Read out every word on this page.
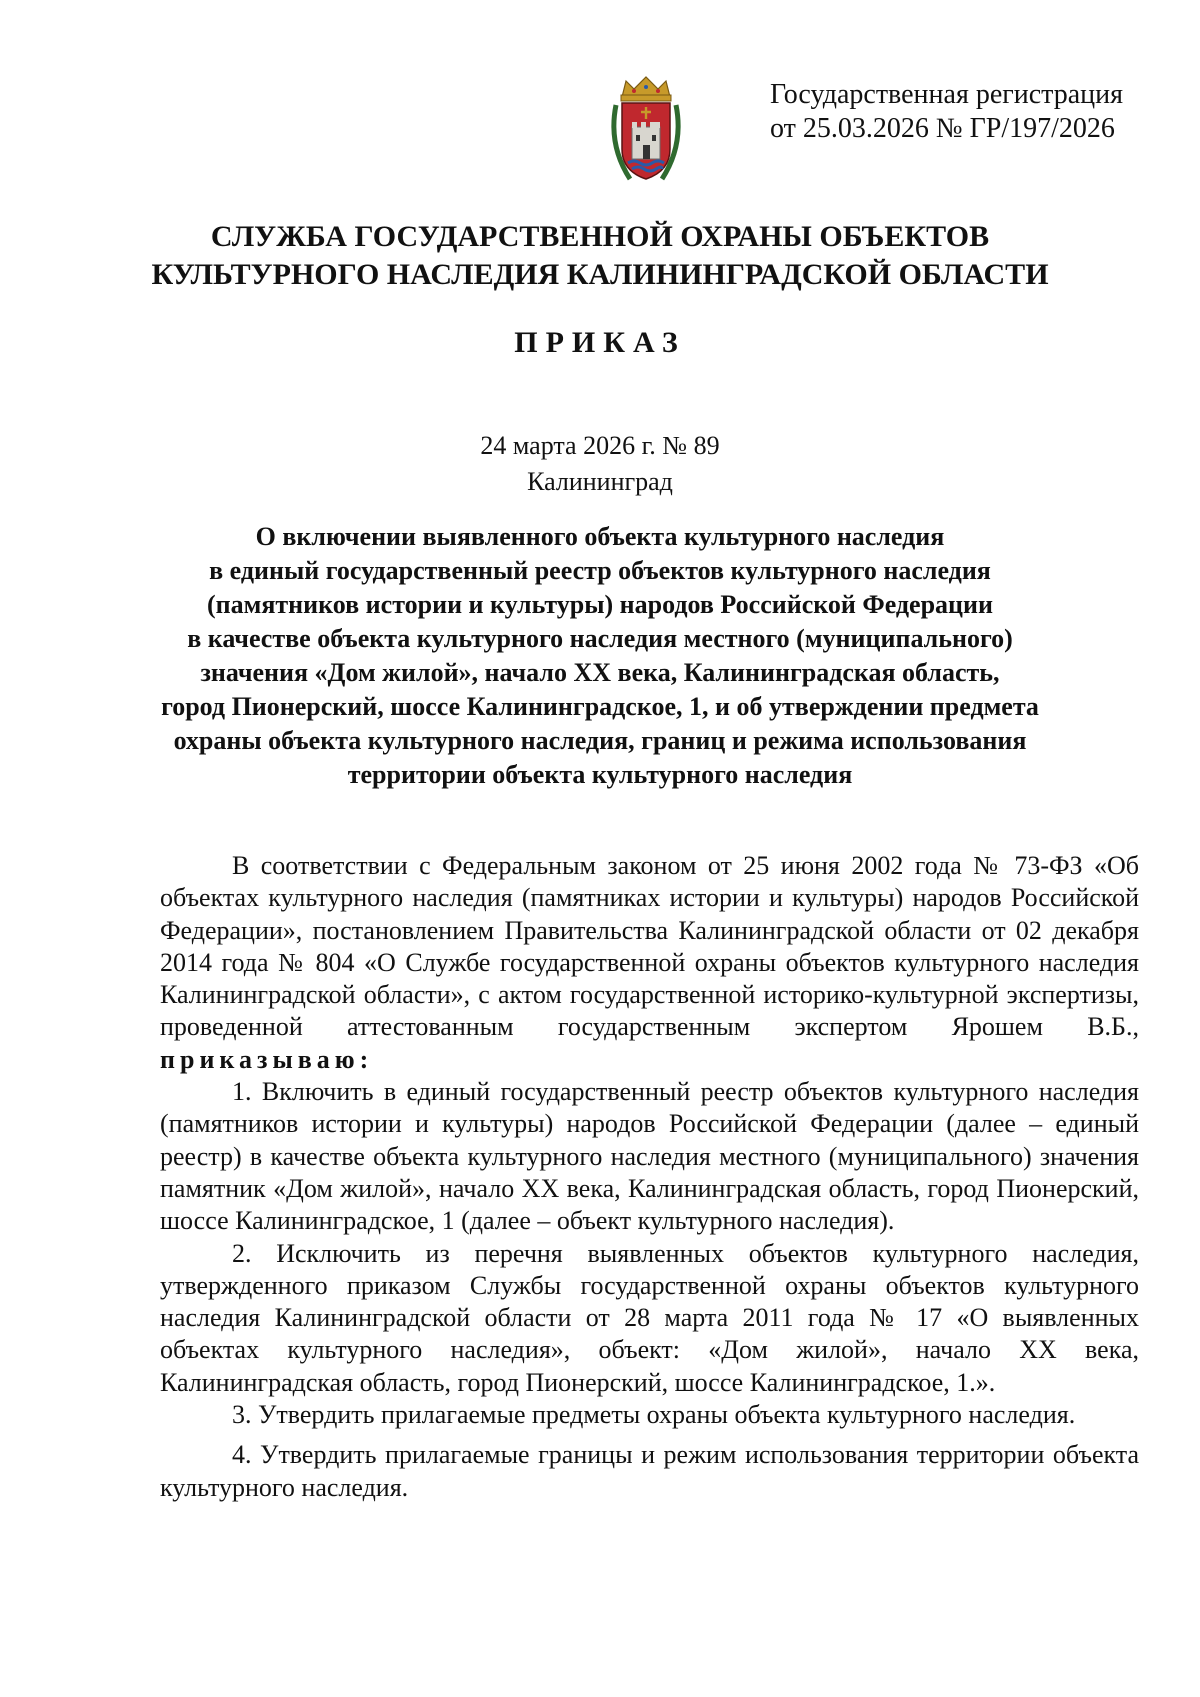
Государственная регистрация
от 25.03.2026 № ГР/197/2026
СЛУЖБА ГОСУДАРСТВЕННОЙ ОХРАНЫ ОБЪЕКТОВ
КУЛЬТУРНОГО НАСЛЕДИЯ КАЛИНИНГРАДСКОЙ ОБЛАСТИ
ПРИКАЗ
24 марта 2026 г. № 89
Калининград
О включении выявленного объекта культурного наследия
в единый государственный реестр объектов культурного наследия
(памятников истории и культуры) народов Российской Федерации
в качестве объекта культурного наследия местного (муниципального)
значения «Дом жилой», начало XX века, Калининградская область,
город Пионерский, шоссе Калининградское, 1, и об утверждении предмета
охраны объекта культурного наследия, границ и режима использования
территории объекта культурного наследия

В соответствии с Федеральным законом от 25 июня 2002 года № 73-ФЗ «Об объектах культурного наследия (памятниках истории и культуры) народов Российской Федерации», постановлением Правительства Калининградской области от 02 декабря 2014 года № 804 «О Службе государственной охраны объектов культурного наследия Калининградской области», с актом государственной историко-культурной экспертизы, проведенной аттестованным государственным экспертом Ярошем В.Б., приказываю:

1. Включить в единый государственный реестр объектов культурного наследия (памятников истории и культуры) народов Российской Федерации (далее – единый реестр) в качестве объекта культурного наследия местного (муниципального) значения памятник «Дом жилой», начало XX века, Калининградская область, город Пионерский, шоссе Калининградское, 1 (далее – объект культурного наследия).

2. Исключить из перечня выявленных объектов культурного наследия, утвержденного приказом Службы государственной охраны объектов культурного наследия Калининградской области от 28 марта 2011 года № 17 «О выявленных объектах культурного наследия», объект: «Дом жилой», начало XX века, Калининградская область, город Пионерский, шоссе Калининградское, 1.».

3. Утвердить прилагаемые предметы охраны объекта культурного наследия.

4. Утвердить прилагаемые границы и режим использования территории объекта культурного наследия.
